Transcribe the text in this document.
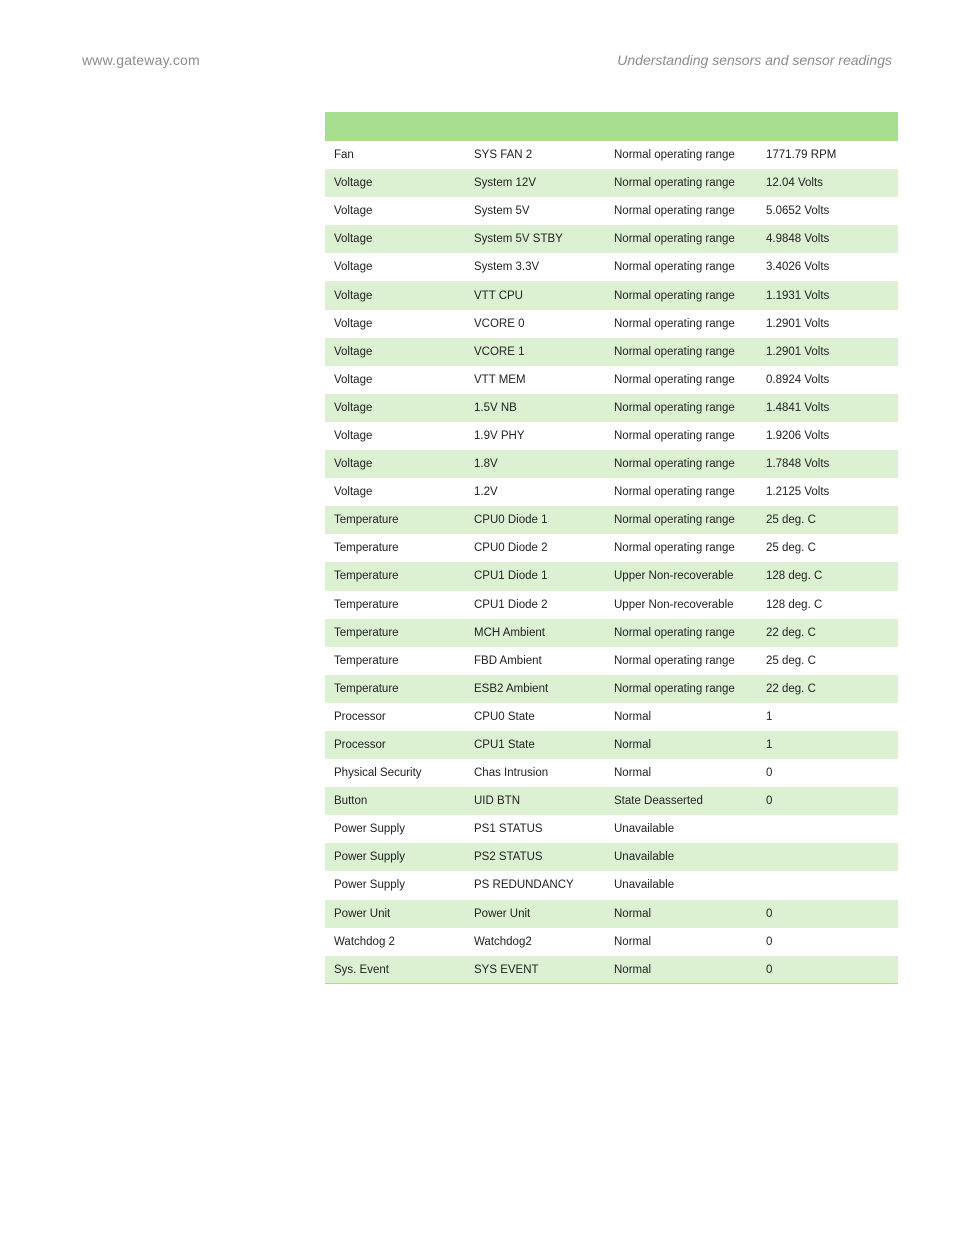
www.gateway.com	Understanding sensors and sensor readings

Fan	SYS FAN 2	Normal operating range	1771.79 RPM
Voltage	System 12V	Normal operating range	12.04 Volts
Voltage	System 5V	Normal operating range	5.0652 Volts
Voltage	System 5V STBY	Normal operating range	4.9848 Volts
Voltage	System 3.3V	Normal operating range	3.4026 Volts
Voltage	VTT CPU	Normal operating range	1.1931 Volts
Voltage	VCORE 0	Normal operating range	1.2901 Volts
Voltage	VCORE 1	Normal operating range	1.2901 Volts
Voltage	VTT MEM	Normal operating range	0.8924 Volts
Voltage	1.5V NB	Normal operating range	1.4841 Volts
Voltage	1.9V PHY	Normal operating range	1.9206 Volts
Voltage	1.8V	Normal operating range	1.7848 Volts
Voltage	1.2V	Normal operating range	1.2125 Volts
Temperature	CPU0 Diode 1	Normal operating range	25 deg. C
Temperature	CPU0 Diode 2	Normal operating range	25 deg. C
Temperature	CPU1 Diode 1	Upper Non-recoverable	128 deg. C
Temperature	CPU1 Diode 2	Upper Non-recoverable	128 deg. C
Temperature	MCH Ambient	Normal operating range	22 deg. C
Temperature	FBD Ambient	Normal operating range	25 deg. C
Temperature	ESB2 Ambient	Normal operating range	22 deg. C
Processor	CPU0 State	Normal	1
Processor	CPU1 State	Normal	1
Physical Security	Chas Intrusion	Normal	0
Button	UID BTN	State Deasserted	0
Power Supply	PS1 STATUS	Unavailable	
Power Supply	PS2 STATUS	Unavailable	
Power Supply	PS REDUNDANCY	Unavailable	
Power Unit	Power Unit	Normal	0
Watchdog 2	Watchdog2	Normal	0
Sys. Event	SYS EVENT	Normal	0
